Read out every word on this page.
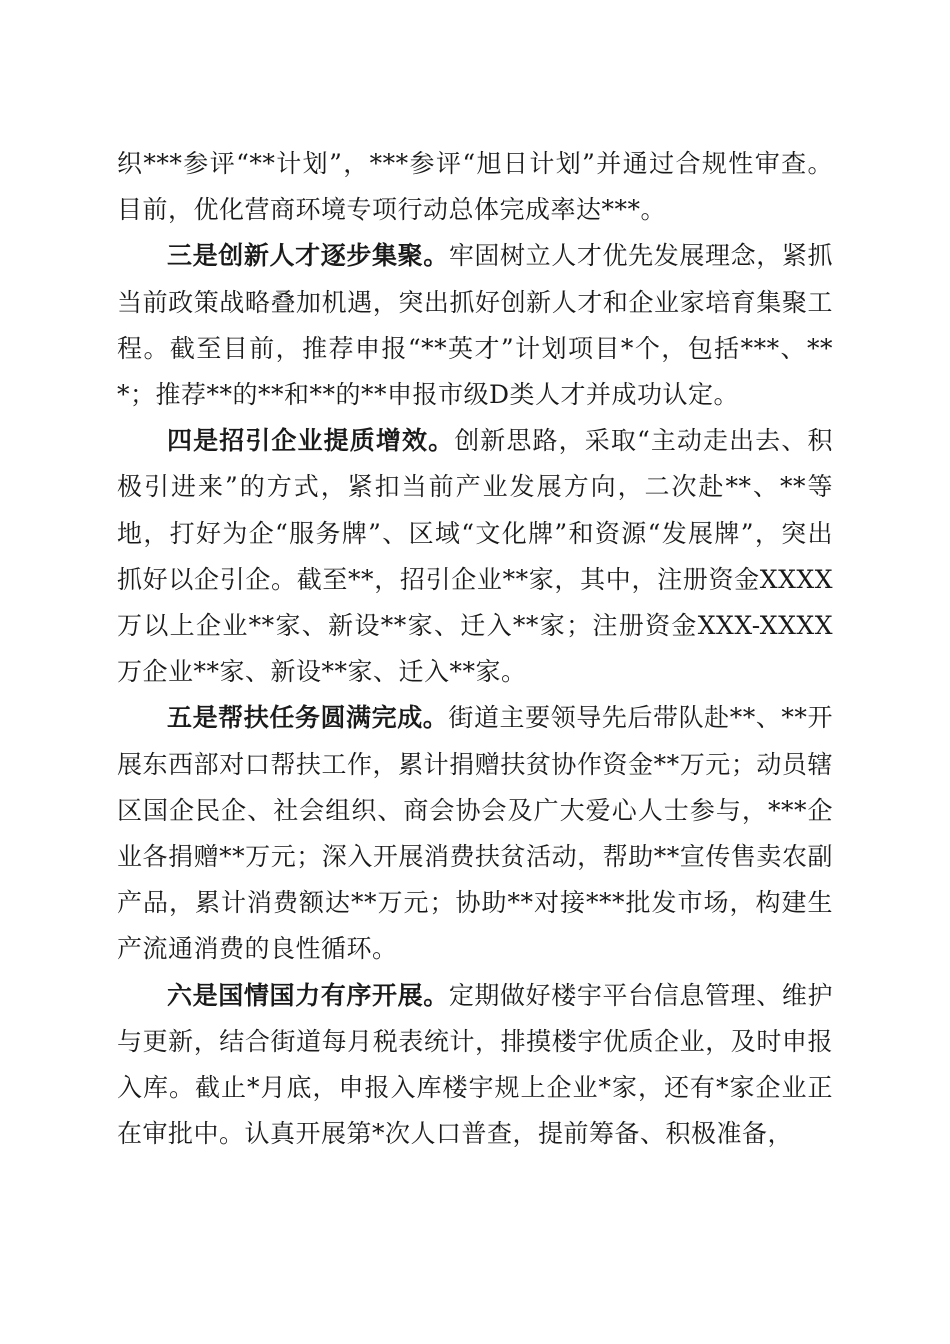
织***参评“**计划”，***参评“旭日计划”并通过合规性审查。目前，优化营商环境专项行动总体完成率达***。

三是创新人才逐步集聚。牢固树立人才优先发展理念，紧抓当前政策战略叠加机遇，突出抓好创新人才和企业家培育集聚工程。截至目前，推荐申报“**英才”计划项目*个，包括***、***；推荐**的**和**的**申报市级D类人才并成功认定。

四是招引企业提质增效。创新思路，采取“主动走出去、积极引进来”的方式，紧扣当前产业发展方向，二次赴**、**等地，打好为企“服务牌”、区域“文化牌”和资源“发展牌”，突出抓好以企引企。截至**，招引企业**家，其中，注册资金XXXX万以上企业**家、新设**家、迁入**家；注册资金XXX-XXXX万企业**家、新设**家、迁入**家。

五是帮扶任务圆满完成。街道主要领导先后带队赴**、**开展东西部对口帮扶工作，累计捐赠扶贫协作资金**万元；动员辖区国企民企、社会组织、商会协会及广大爱心人士参与，***企业各捐赠**万元；深入开展消费扶贫活动，帮助**宣传售卖农副产品，累计消费额达**万元；协助**对接***批发市场，构建生产流通消费的良性循环。

六是国情国力有序开展。定期做好楼宇平台信息管理、维护与更新，结合街道每月税表统计，排摸楼宇优质企业，及时申报入库。截止*月底，申报入库楼宇规上企业*家，还有*家企业正在审批中。认真开展第*次人口普查，提前筹备、积极准备，
